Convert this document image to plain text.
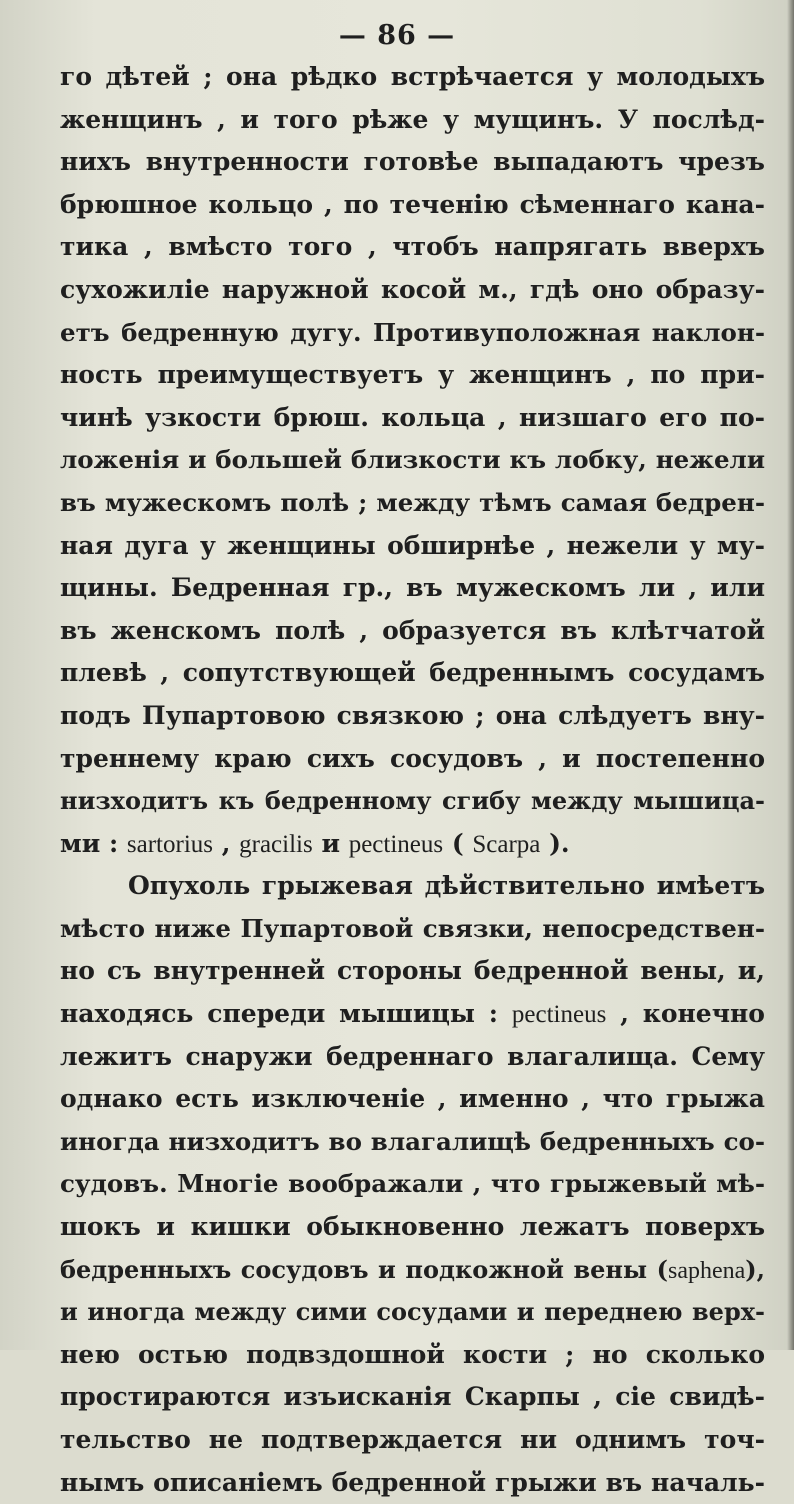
— 86 —
го дѣтей ; она рѣдко встрѣчается у молодыхъ
женщинъ , и того рѣже у мущинъ. У послѣд-
нихъ внутренности готовѣе выпадаютъ чрезъ
брюшное кольцо , по теченію сѣменнаго кана-
тика , вмѣсто того , чтобъ напрягать вверхъ
сухожиліе наружной косой м., гдѣ оно образу-
етъ бедренную дугу. Противуположная наклон-
ность преимуществуетъ у женщинъ , по при-
чинѣ узкости брюш. кольца , низшаго его по-
ложенія и большей близкости къ лобку, нежели
въ мужескомъ полѣ ; между тѣмъ самая бедрен-
ная дуга у женщины обширнѣе , нежели у му-
щины. Бедренная гр., въ мужескомъ ли , или
въ женскомъ полѣ , образуется въ клѣтчатой
плевѣ , сопутствующей бедреннымъ сосудамъ
подъ Пупартовою связкою ; она слѣдуетъ вну-
треннему краю сихъ сосудовъ , и постепенно
низходитъ къ бедренному сгибу между мышица-
ми : sartorius , gracilis и pectineus ( Scarpa ).
Опухоль грыжевая дѣйствительно имѣетъ
мѣсто ниже Пупартовой связки, непосредствен-
но съ внутренней стороны бедренной вены, и,
находясь спереди мышицы : pectineus , конечно
лежитъ снаружи бедреннаго влагалища. Сему
однако есть изключеніе , именно , что грыжа
иногда низходитъ во влагалищѣ бедренныхъ со-
судовъ. Многіе воображали , что грыжевый мѣ-
шокъ и кишки обыкновенно лежатъ поверхъ
бедренныхъ сосудовъ и подкожной вены (saphena),
и иногда между сими сосудами и переднею верх-
нею остью подвздошной кости ; но сколько
простираются изъисканія Скарпы , сіе свидѣ-
тельство не подтверждается ни однимъ точ-
нымъ описаніемъ бедренной грыжи въ началь-
